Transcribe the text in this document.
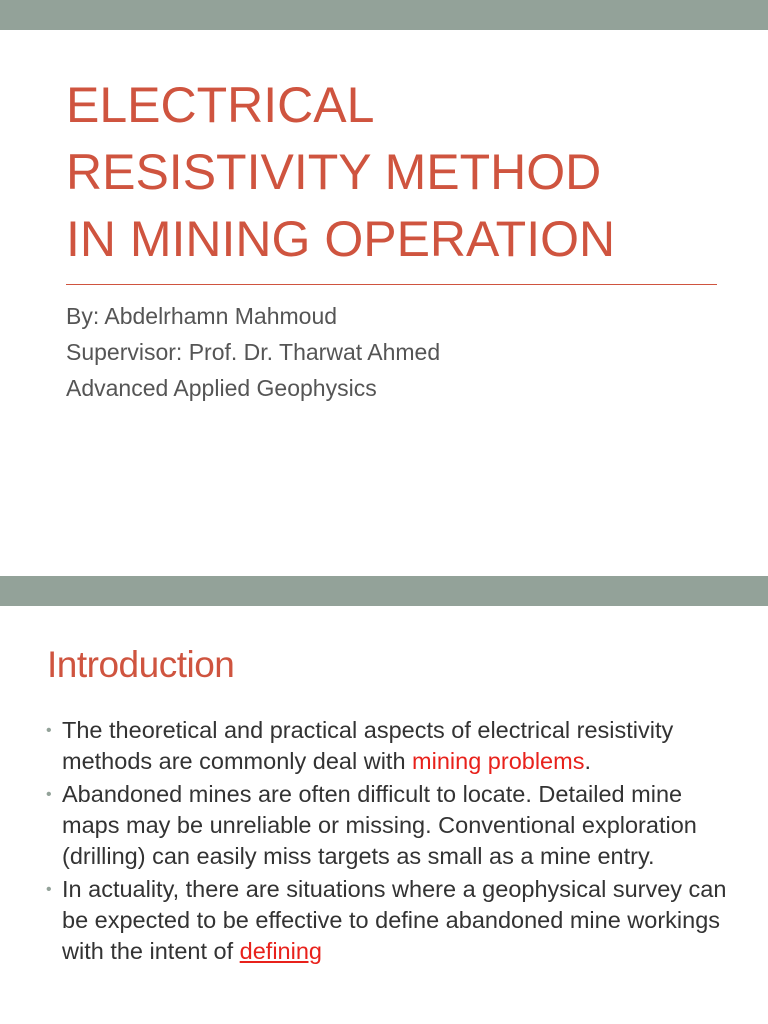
ELECTRICAL
RESISTIVITY METHOD
IN MINING OPERATION
By: Abdelrhamn Mahmoud
Supervisor: Prof. Dr. Tharwat Ahmed
Advanced Applied Geophysics
Introduction
• The theoretical and practical aspects of electrical resistivity methods are commonly deal with mining problems.
• Abandoned mines are often difficult to locate. Detailed mine maps may be unreliable or missing. Conventional exploration (drilling) can easily miss targets as small as a mine entry.
• In actuality, there are situations where a geophysical survey can be expected to be effective to define abandoned mine workings with the intent of defining
